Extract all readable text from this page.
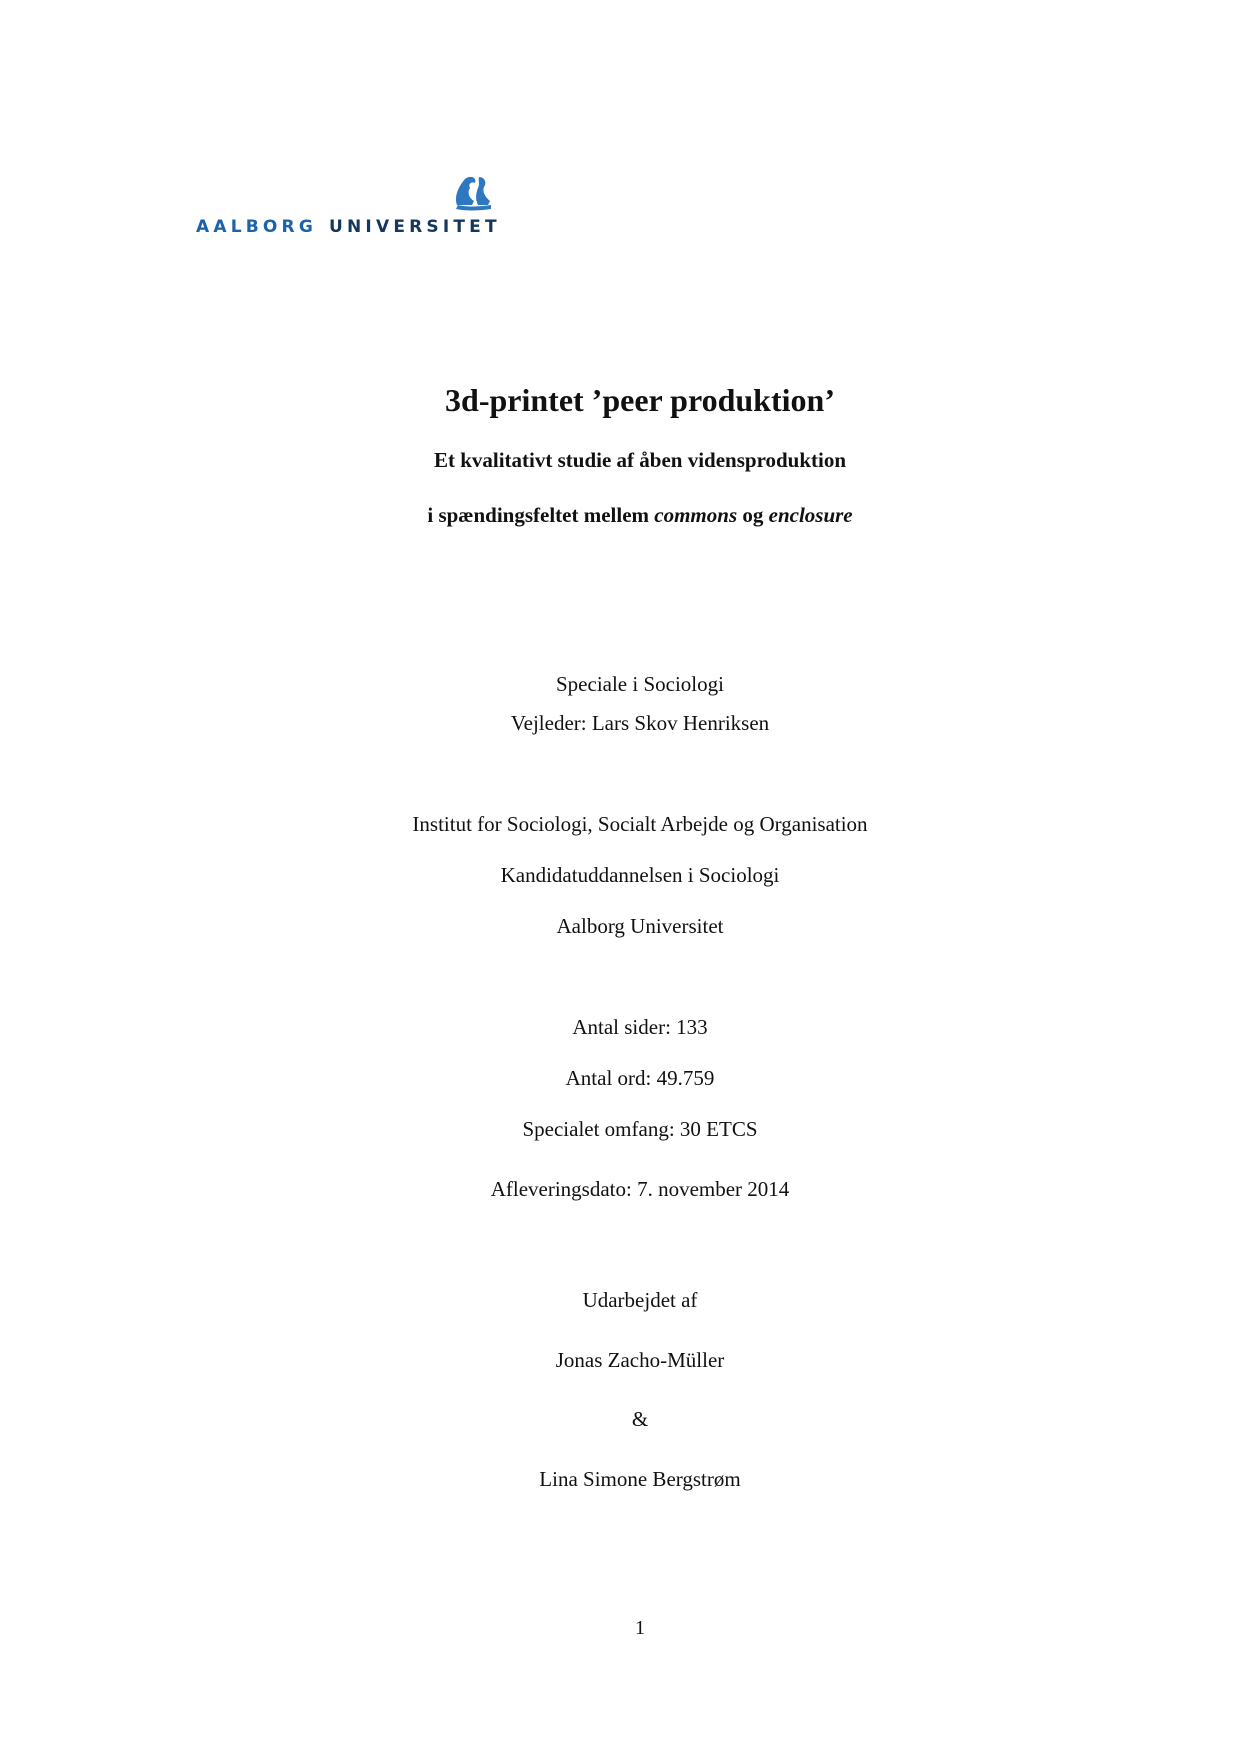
AALBORG UNIVERSITET
3d-printet ’peer produktion’
Et kvalitativt studie af åben vidensproduktion
i spændingsfeltet mellem commons og enclosure
Speciale i Sociologi
Vejleder: Lars Skov Henriksen
Institut for Sociologi, Socialt Arbejde og Organisation
Kandidatuddannelsen i Sociologi
Aalborg Universitet
Antal sider: 133
Antal ord: 49.759
Specialet omfang: 30 ETCS
Afleveringsdato: 7. november 2014
Udarbejdet af
Jonas Zacho-Müller
&
Lina Simone Bergstrøm
1
